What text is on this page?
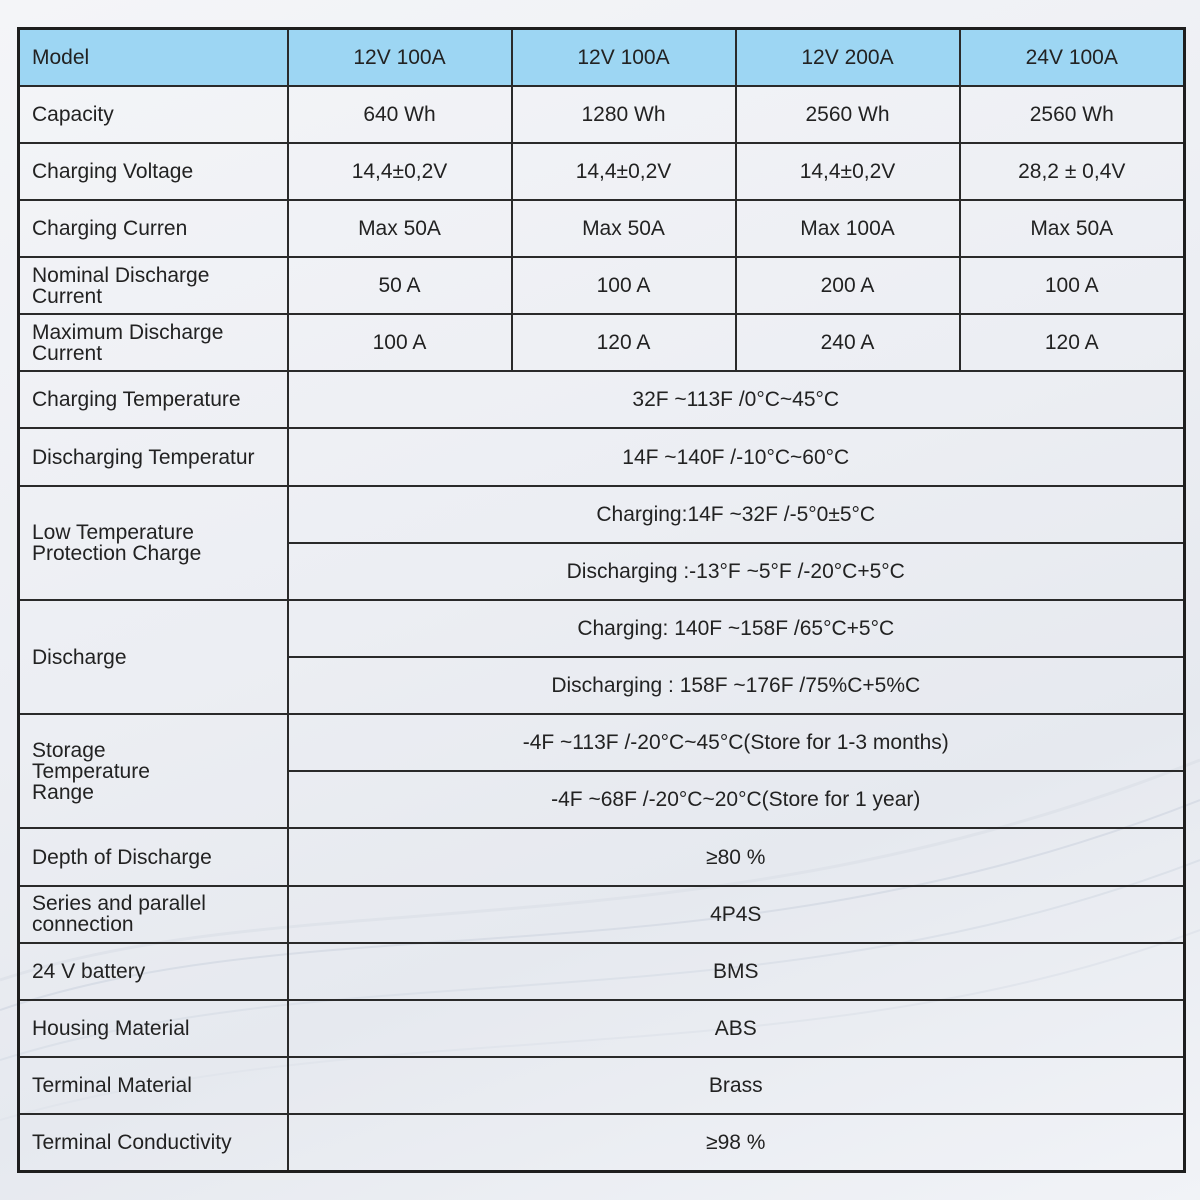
Model	12V 100A	12V 100A	12V 200A	24V 100A
Capacity	640 Wh	1280 Wh	2560 Wh	2560 Wh
Charging Voltage	14,4±0,2V	14,4±0,2V	14,4±0,2V	28,2 ± 0,4V
Charging Curren	Max 50A	Max 50A	Max 100A	Max 50A
Nominal Discharge
Current	50 A	100 A	200 A	100 A
Maximum Discharge
Current	100 A	120 A	240 A	120 A
Charging Temperature	32F ~113F /0°C~45°C			
Discharging Temperatur	14F ~140F /-10°C~60°C			
Low Temperature
Protection Charge	Charging:14F ~32F /-5°0±5°C			
	Discharging :-13°F ~5°F /-20°C+5°C			
Discharge	Charging: 140F ~158F /65°C+5°C			
	Discharging : 158F ~176F /75%C+5%C			
Storage
Temperature
Range	-4F ~113F /-20°C~45°C(Store for 1-3 months)			
	-4F ~68F /-20°C~20°C(Store for 1 year)			
Depth of Discharge	≥80 %			
Series and parallel
connection	4P4S			
24 V battery	BMS			
Housing Material	ABS			
Terminal Material	Brass			
Terminal Conductivity	≥98 %			
